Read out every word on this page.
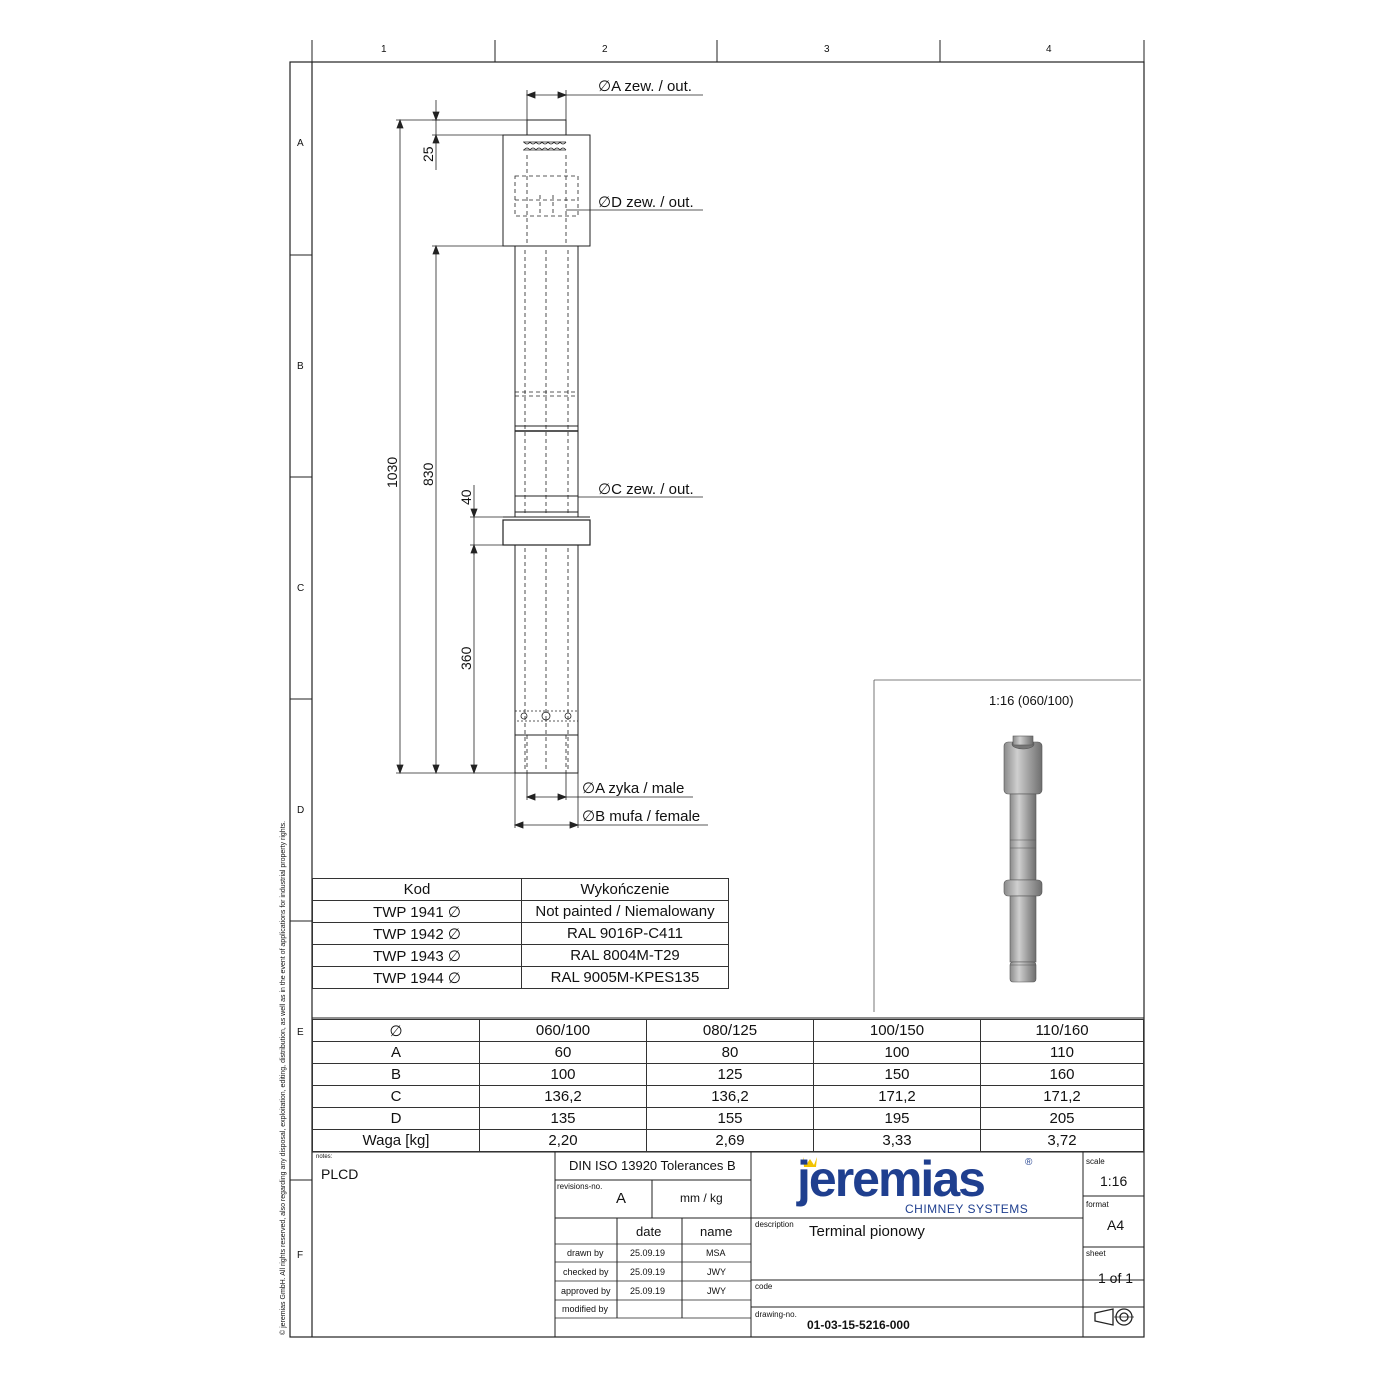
1	2	3	4
A
B
C
D
E
F
© jeremias GmbH. All rights reserved, also regarding any disposal, exploitation, editing, distribution, as well as in the event of applications for industrial property rights.
∅A zew. / out.
∅D zew. / out.
∅C zew. / out.
∅A zyka / male
∅B mufa / female
25
1030 830
40
360
1:16 (060/100)
Kod	Wykończenie
TWP 1941 ∅	Not painted / Niemalowany
TWP 1942 ∅	RAL 9016P-C411
TWP 1943 ∅	RAL 8004M-T29
TWP 1944 ∅	RAL 9005M-KPES135
∅	060/100	080/125	100/150	110/160
A	60	80	100	110
B	100	125	150	160
C	136,2	136,2	171,2	171,2
D	135	155	195	205
Waga [kg]	2,20	2,69	3,33	3,72
notes:
PLCD
DIN ISO 13920 Tolerances B
revisions-no.
A	mm / kg
date	name
drawn by	25.09.19	MSA
checked by 25.09.19	JWY
approved by 25.09.19	JWY
modified by
jeremias	®
CHIMNEY SYSTEMS
description Terminal pionowy
code
drawing-no.
01-03-15-5216-000
scale
1:16
format
A4
sheet
1 of 1
